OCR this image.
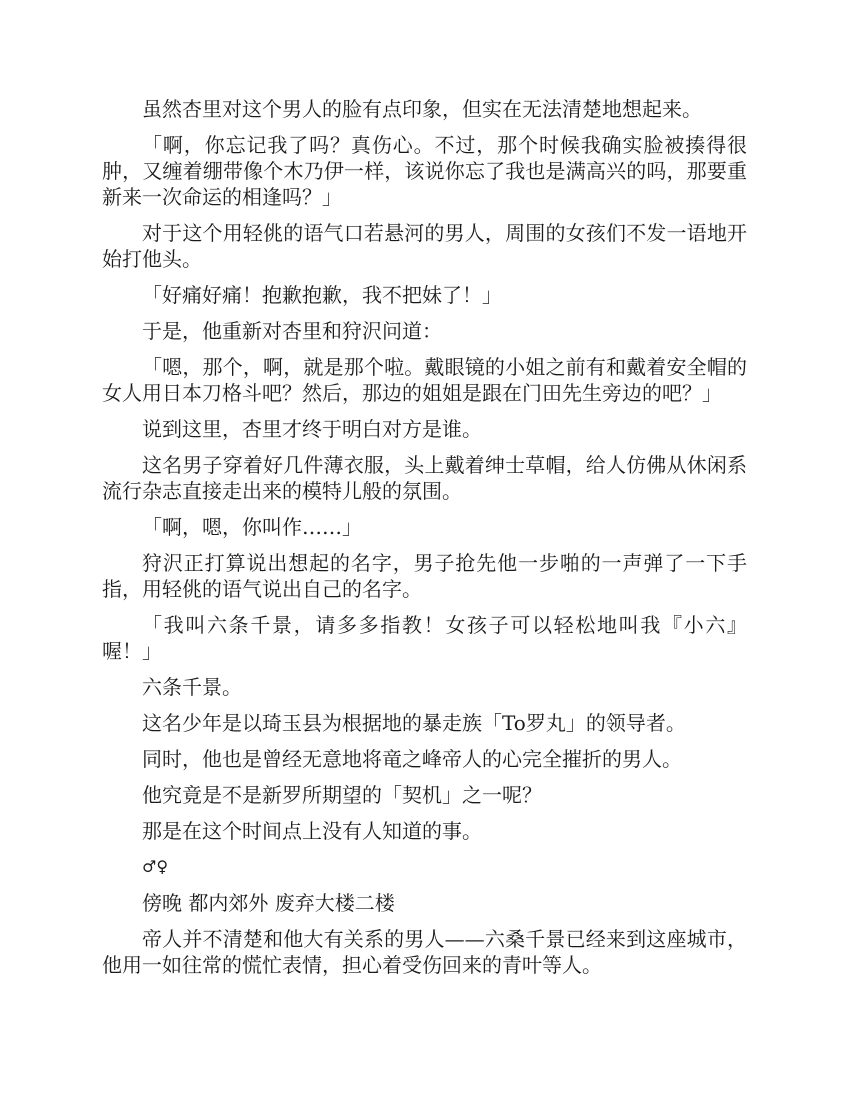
虽然杏里对这个男人的脸有点印象，但实在无法清楚地想起来。

「啊，你忘记我了吗？真伤心。不过，那个时候我确实脸被揍得很肿，又缠着绷带像个木乃伊一样，该说你忘了我也是满高兴的吗，那要重新来一次命运的相逢吗？」

对于这个用轻佻的语气口若悬河的男人，周围的女孩们不发一语地开始打他头。

「好痛好痛！抱歉抱歉，我不把妹了！」

于是，他重新对杏里和狩沢问道：

「嗯，那个，啊，就是那个啦。戴眼镜的小姐之前有和戴着安全帽的女人用日本刀格斗吧？然后，那边的姐姐是跟在门田先生旁边的吧？」

说到这里，杏里才终于明白对方是谁。

这名男子穿着好几件薄衣服，头上戴着绅士草帽，给人仿佛从休闲系流行杂志直接走出来的模特儿般的氛围。

「啊，嗯，你叫作……」

狩沢正打算说出想起的名字，男子抢先他一步啪的一声弹了一下手指，用轻佻的语气说出自己的名字。

「我叫六条千景，请多多指教！女孩子可以轻松地叫我『小六』喔！」

六条千景。

这名少年是以琦玉县为根据地的暴走族「To罗丸」的领导者。

同时，他也是曾经无意地将竜之峰帝人的心完全摧折的男人。

他究竟是不是新罗所期望的「契机」之一呢？

那是在这个时间点上没有人知道的事。

♂♀

傍晚 都内郊外 废弃大楼二楼

帝人并不清楚和他大有关系的男人——六桑千景已经来到这座城市，他用一如往常的慌忙表情，担心着受伤回来的青叶等人。
